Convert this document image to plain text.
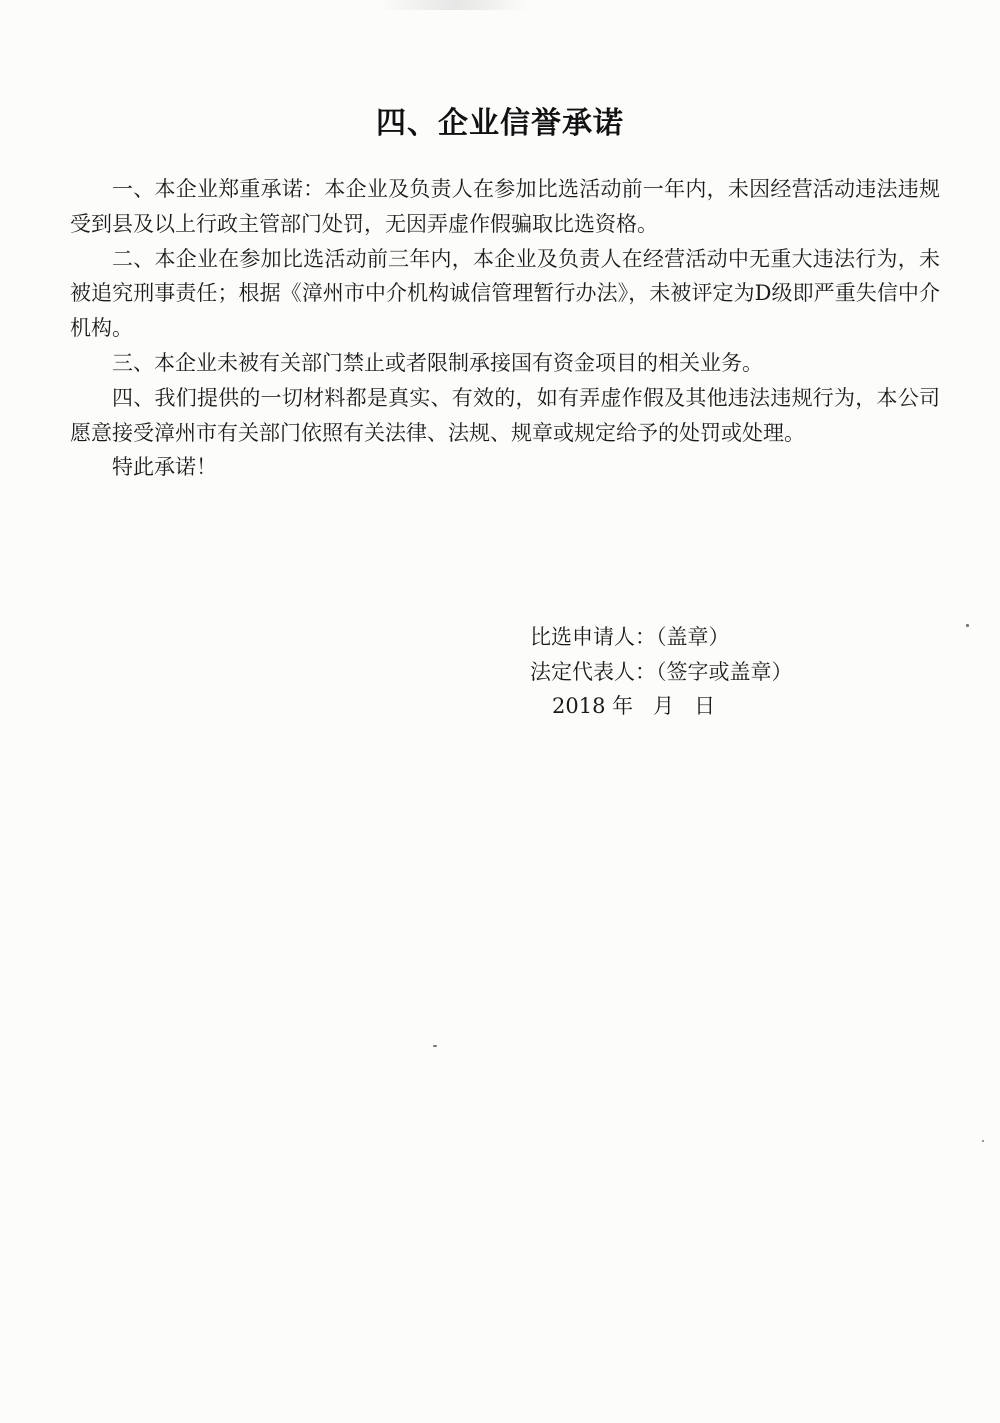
四、企业信誉承诺

一、本企业郑重承诺：本企业及负责人在参加比选活动前一年内，未因经营活动违法违规受到县及以上行政主管部门处罚，无因弄虚作假骗取比选资格。

二、本企业在参加比选活动前三年内，本企业及负责人在经营活动中无重大违法行为，未被追究刑事责任；根据《漳州市中介机构诚信管理暂行办法》，未被评定为D级即严重失信中介机构。

三、本企业未被有关部门禁止或者限制承接国有资金项目的相关业务。

四、我们提供的一切材料都是真实、有效的，如有弄虚作假及其他违法违规行为，本公司愿意接受漳州市有关部门依照有关法律、法规、规章或规定给予的处罚或处理。

特此承诺！

比选申请人：（盖章）
法定代表人：（签字或盖章）
2018 年   月   日
